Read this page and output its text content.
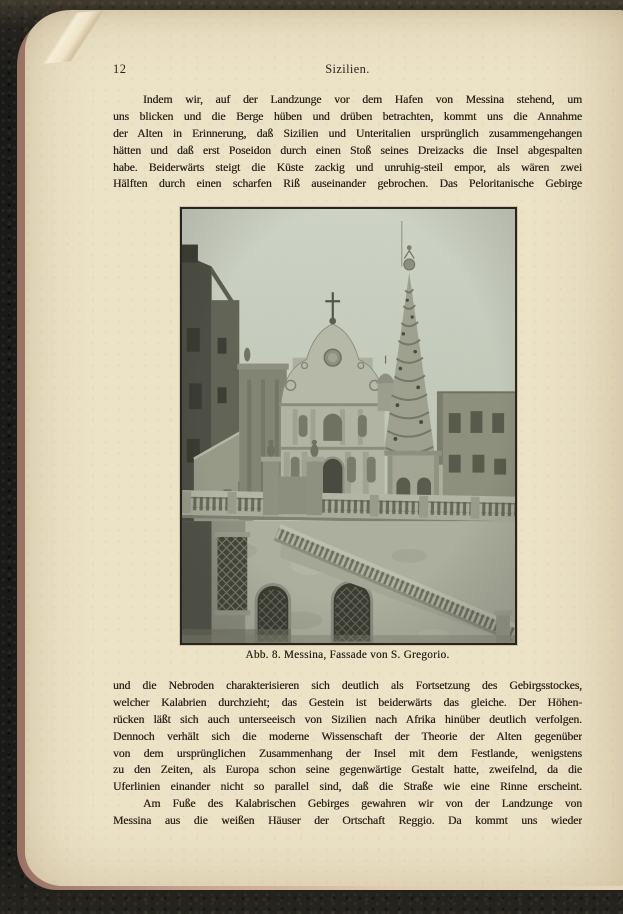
12	Sizilien.
Indem wir, auf der Landzunge vor dem Hafen von Messina stehend, um
uns blicken und die Berge hüben und drüben betrachten, kommt uns die Annahme
der Alten in Erinnerung, daß Sizilien und Unteritalien ursprünglich zusammengehangen
hätten und daß erst Poseidon durch einen Stoß seines Dreizacks die Insel abgespalten
habe. Beiderwärts steigt die Küste zackig und unruhig-steil empor, als wären zwei
Hälften durch einen scharfen Riß auseinander gebrochen. Das Peloritanische Gebirge
Abb. 8. Messina, Fassade von S. Gregorio.
und die Nebroden charakterisieren sich deutlich als Fortsetzung des Gebirgsstockes,
welcher Kalabrien durchzieht; das Gestein ist beiderwärts das gleiche. Der Höhen-
rücken läßt sich auch unterseeisch von Sizilien nach Afrika hinüber deutlich verfolgen.
Dennoch verhält sich die moderne Wissenschaft der Theorie der Alten gegenüber
von dem ursprünglichen Zusammenhang der Insel mit dem Festlande, wenigstens
zu den Zeiten, als Europa schon seine gegenwärtige Gestalt hatte, zweifelnd, da die
Uferlinien einander nicht so parallel sind, daß die Straße wie eine Rinne erscheint.
Am Fuße des Kalabrischen Gebirges gewahren wir von der Landzunge von
Messina aus die weißen Häuser der Ortschaft Reggio. Da kommt uns wieder
